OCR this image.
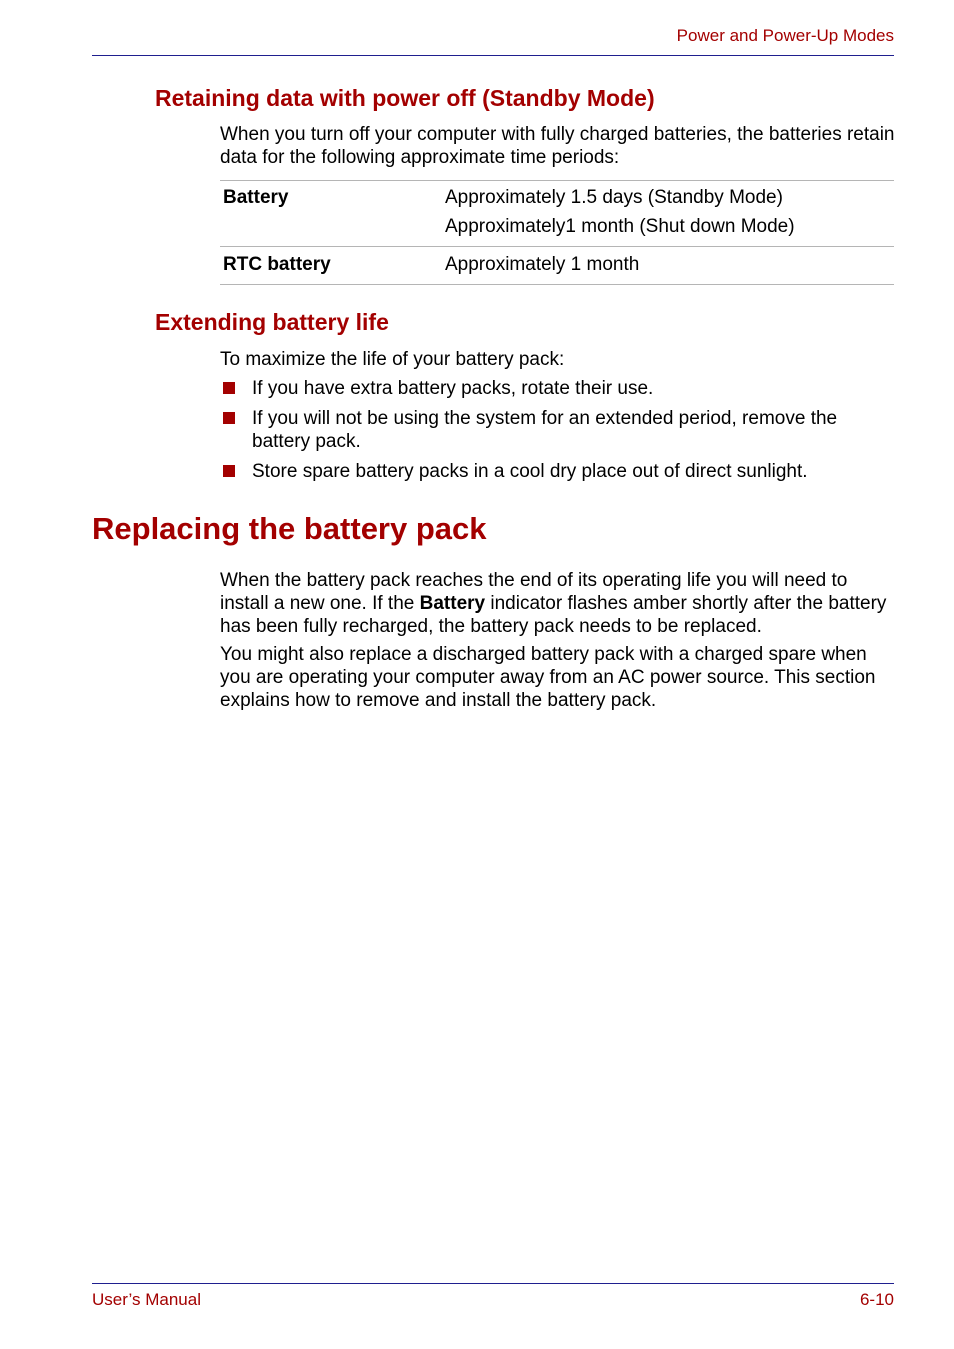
Power and Power-Up Modes
Retaining data with power off (Standby Mode)
When you turn off your computer with fully charged batteries, the batteries retain data for the following approximate time periods:
Battery	Approximately 1.5 days (Standby Mode)
Approximately1 month (Shut down Mode)
RTC battery	Approximately 1 month
Extending battery life
To maximize the life of your battery pack:
If you have extra battery packs, rotate their use.
If you will not be using the system for an extended period, remove the battery pack.
Store spare battery packs in a cool dry place out of direct sunlight.
Replacing the battery pack
When the battery pack reaches the end of its operating life you will need to install a new one. If the Battery indicator flashes amber shortly after the battery has been fully recharged, the battery pack needs to be replaced.
You might also replace a discharged battery pack with a charged spare when you are operating your computer away from an AC power source. This section explains how to remove and install the battery pack.
User’s Manual	6-10
